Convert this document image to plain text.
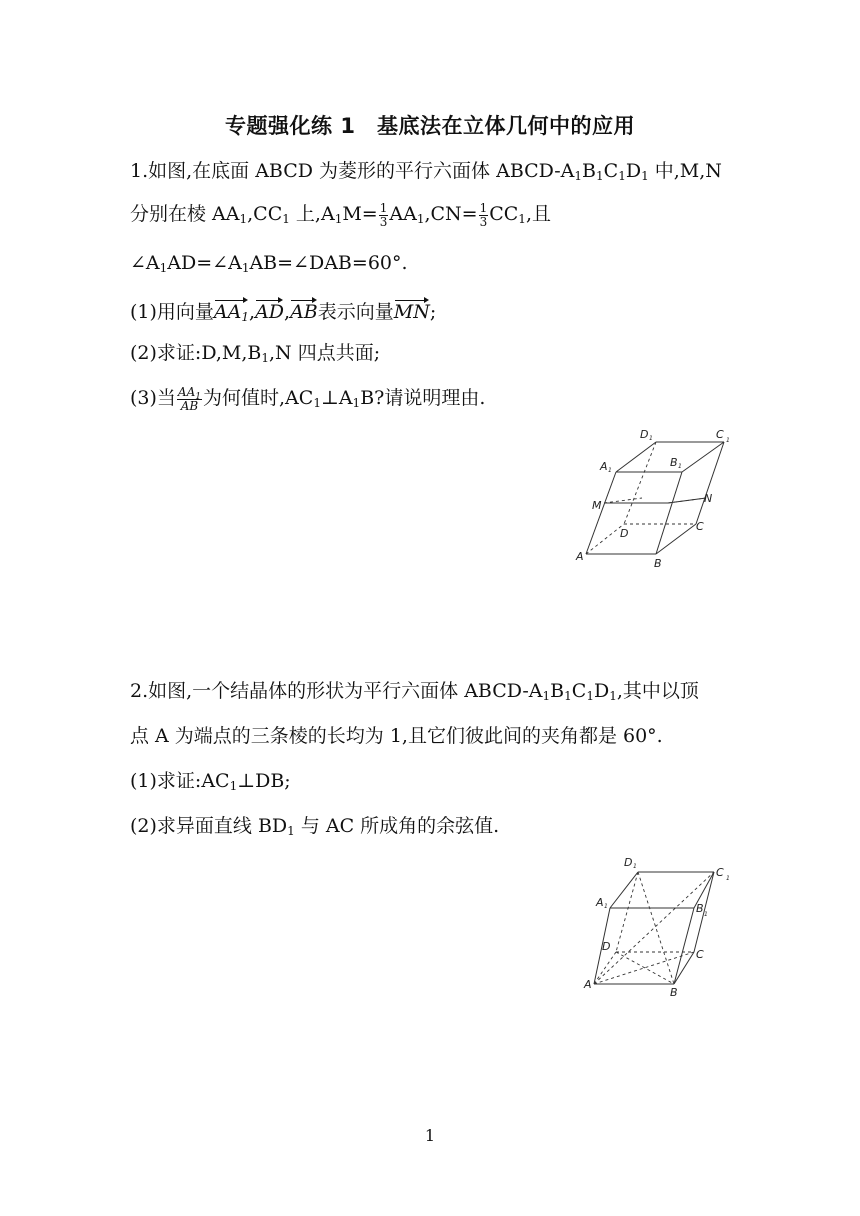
专题强化练 1　基底法在立体几何中的应用
1.如图,在底面 ABCD 为菱形的平行六面体 ABCD-$A_1B_1C_1D_1$ 中,M,N
分别在棱 $AA_1,CC_1$ 上$,A_1M= \frac{1}{3} AA_1,CN= \frac{1}{3} CC_1$,且
$\angle A_1AD=\angle A_1AB=\angle DAB=60^\circ$.
(1)用向量$AA_1,AD,AB$表示向量MN;
(2)求证$:D,M,B_1,N$ 四点共面;
(3)当 $\frac{AA_1}{AB}$ 为何值时$,AC_1\perp A_1B$?请说明理由.
D 1	C 1
A 1
B 1
M
N
D
C
A
B
2.如图,一个结晶体的形状为平行六面体 ABCD-$A_1B_1C_1D_1$,其中以顶
点 A 为端点的三条棱的长均为 1,且它们彼此间的夹角都是 60°.
(1)求证$:AC_1\perp DB$;
(2)求异面直线 $BD_1$ 与 AC 所成角的余弦值.
D 1	C 1
A 1	B 1
D
C
A
B
1
